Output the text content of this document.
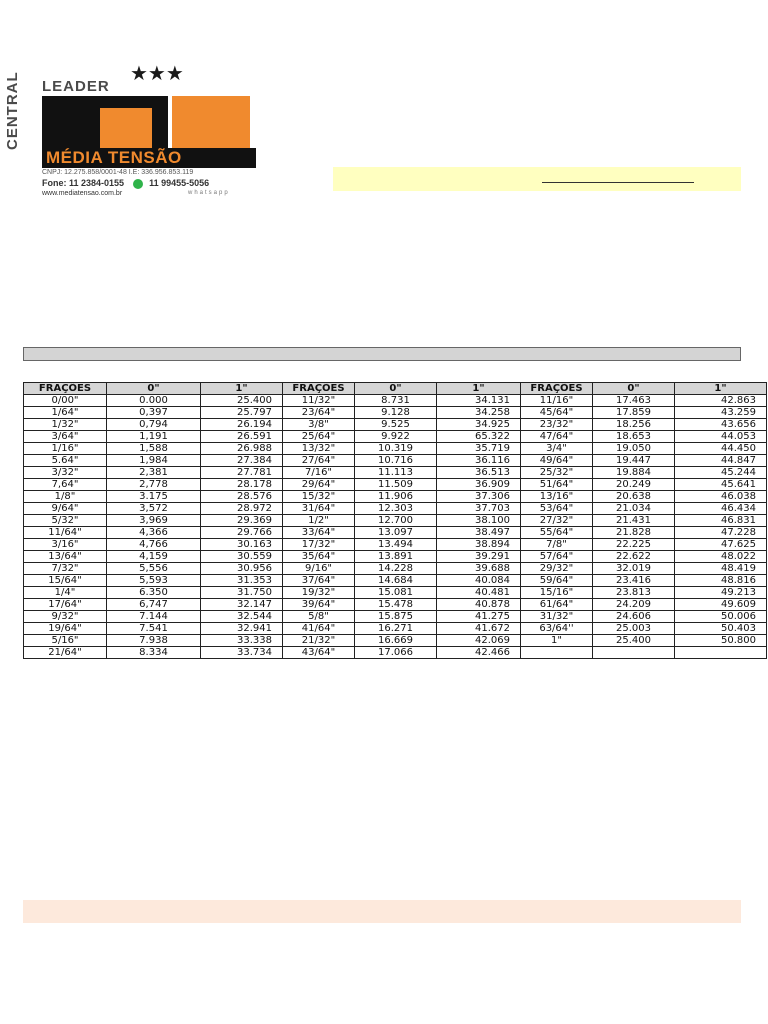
CENTRAL LEADER
★★★
MÉDIA TENSÃO
CNPJ: 12.275.858/0001-48 I.E: 336.956.853.119
Fone: 11 2384-0155	11 99455-5056
www.mediatensao.com.br	whatsapp
FRAÇÕES	0"	1"	FRAÇÕES	0"	1"	FRAÇÕES	0"	1"
0/00"	0.000	25.400	11/32"	8.731	34.131	11/16"	17.463	42.863
1/64"	0,397	25.797	23/64"	9.128	34.258	45/64"	17.859	43.259
1/32"	0,794	26.194	3/8"	9.525	34.925	23/32"	18.256	43.656
3/64"	1,191	26.591	25/64"	9.922	65.322	47/64"	18.653	44.053
1/16"	1,588	26.988	13/32"	10.319	35.719	3/4"	19.050	44.450
5.64"	1,984	27.384	27/64"	10.716	36.116	49/64"	19.447	44.847
3/32"	2,381	27.781	7/16"	11.113	36.513	25/32"	19.884	45.244
7,64"	2,778	28.178	29/64"	11.509	36.909	51/64"	20.249	45.641
1/8"	3.175	28.576	15/32"	11.906	37.306	13/16"	20.638	46.038
9/64"	3,572	28.972	31/64"	12.303	37.703	53/64"	21.034	46.434
5/32"	3,969	29.369	1/2"	12.700	38.100	27/32"	21.431	46.831
11/64"	4,366	29.766	33/64"	13.097	38.497	55/64"	21.828	47.228
3/16"	4,766	30.163	17/32"	13.494	38.894	7/8"	22.225	47.625
13/64"	4,159	30.559	35/64"	13.891	39.291	57/64"	22.622	48.022
7/32"	5,556	30.956	9/16"	14.228	39.688	29/32"	32.019	48.419
15/64"	5,593	31.353	37/64"	14.684	40.084	59/64"	23.416	48.816
1/4"	6.350	31.750	19/32"	15.081	40.481	15/16"	23.813	49.213
17/64"	6,747	32.147	39/64"	15.478	40.878	61/64"	24.209	49.609
9/32"	7.144	32.544	5/8"	15.875	41.275	31/32"	24.606	50.006
19/64"	7.541	32.941	41/64"	16.271	41.672	63/64''	25.003	50.403
5/16"	7.938	33.338	21/32"	16.669	42.069	1"	25.400	50.800
21/64"	8.334	33.734	43/64"	17.066	42.466			
